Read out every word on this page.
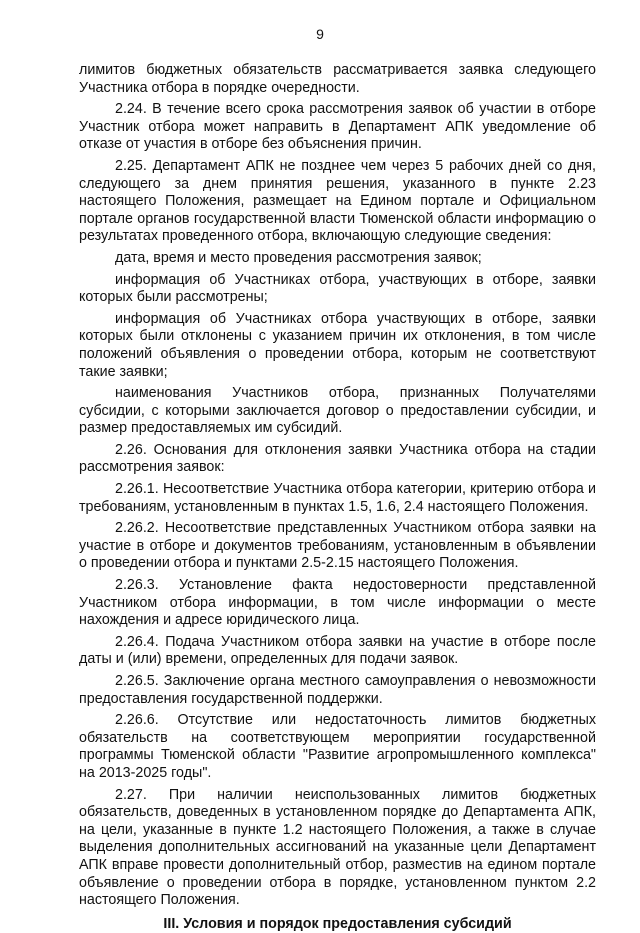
9

лимитов бюджетных обязательств рассматривается заявка следующего Участника отбора в порядке очередности.

2.24. В течение всего срока рассмотрения заявок об участии в отборе Участник отбора может направить в Департамент АПК уведомление об отказе от участия в отборе без объяснения причин.

2.25. Департамент АПК не позднее чем через 5 рабочих дней со дня, следующего за днем принятия решения, указанного в пункте 2.23 настоящего Положения, размещает на Едином портале и Официальном портале органов государственной власти Тюменской области информацию о результатах проведенного отбора, включающую следующие сведения:

дата, время и место проведения рассмотрения заявок;

информация об Участниках отбора, участвующих в отборе, заявки которых были рассмотрены;

информация об Участниках отбора участвующих в отборе, заявки которых были отклонены с указанием причин их отклонения, в том числе положений объявления о проведении отбора, которым не соответствуют такие заявки;

наименования Участников отбора, признанных Получателями субсидии, с которыми заключается договор о предоставлении субсидии, и размер предоставляемых им субсидий.

2.26. Основания для отклонения заявки Участника отбора на стадии рассмотрения заявок:

2.26.1. Несоответствие Участника отбора категории, критерию отбора и требованиям, установленным в пунктах 1.5, 1.6, 2.4 настоящего Положения.

2.26.2. Несоответствие представленных Участником отбора заявки на участие в отборе и документов требованиям, установленным в объявлении о проведении отбора и пунктами 2.5-2.15 настоящего Положения.

2.26.3. Установление факта недостоверности представленной Участником отбора информации, в том числе информации о месте нахождения и адресе юридического лица.

2.26.4. Подача Участником отбора заявки на участие в отборе после даты и (или) времени, определенных для подачи заявок.

2.26.5. Заключение органа местного самоуправления о невозможности предоставления государственной поддержки.

2.26.6. Отсутствие или недостаточность лимитов бюджетных обязательств на соответствующем мероприятии государственной программы Тюменской области "Развитие агропромышленного комплекса" на 2013-2025 годы".

2.27. При наличии неиспользованных лимитов бюджетных обязательств, доведенных в установленном порядке до Департамента АПК, на цели, указанные в пункте 1.2 настоящего Положения, а также в случае выделения дополнительных ассигнований на указанные цели Департамент АПК вправе провести дополнительный отбор, разместив на едином портале объявление о проведении отбора в порядке, установленном пунктом 2.2 настоящего Положения.

III. Условия и порядок предоставления субсидий
